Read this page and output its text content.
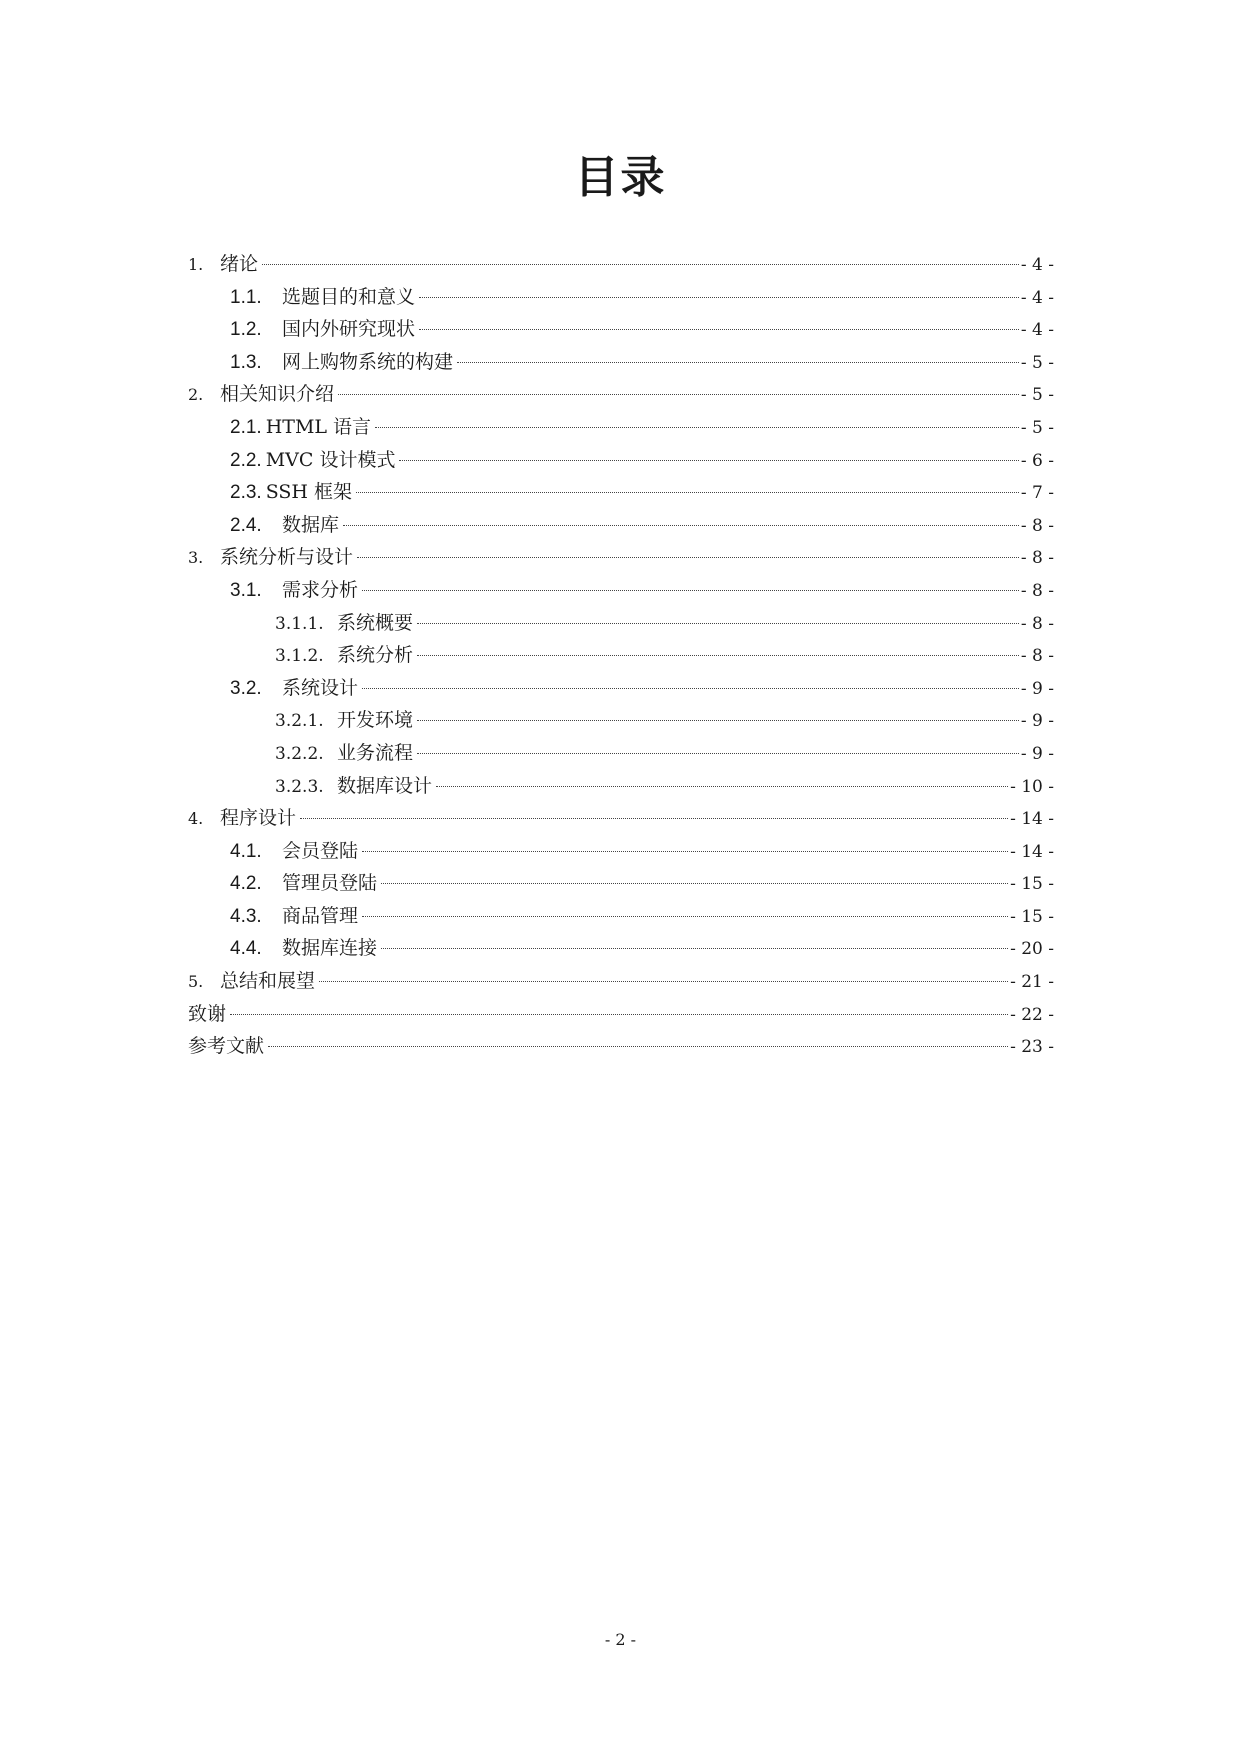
目录
1. 绪论	- 4 -
1.1.	选题目的和意义	- 4 -
1.2.	国内外研究现状	- 4 -
1.3.	网上购物系统的构建	- 5 -
2. 相关知识介绍	- 5 -
2.1. HTML 语言	- 5 -
2.2. MVC 设计模式	- 6 -
2.3. SSH 框架	- 7 -
2.4.	数据库	- 8 -
3. 系统分析与设计	- 8 -
3.1.	需求分析	- 8 -
3.1.1. 系统概要	- 8 -
3.1.2. 系统分析	- 8 -
3.2.	系统设计	- 9 -
3.2.1. 开发环境	- 9 -
3.2.2. 业务流程	- 9 -
3.2.3. 数据库设计	- 10 -
4. 程序设计	- 14 -
4.1.	会员登陆	- 14 -
4.2.	管理员登陆	- 15 -
4.3.	商品管理	- 15 -
4.4.	数据库连接	- 20 -
5. 总结和展望	- 21 -
致谢	- 22 -
参考文献	- 23 -
- 2 -
